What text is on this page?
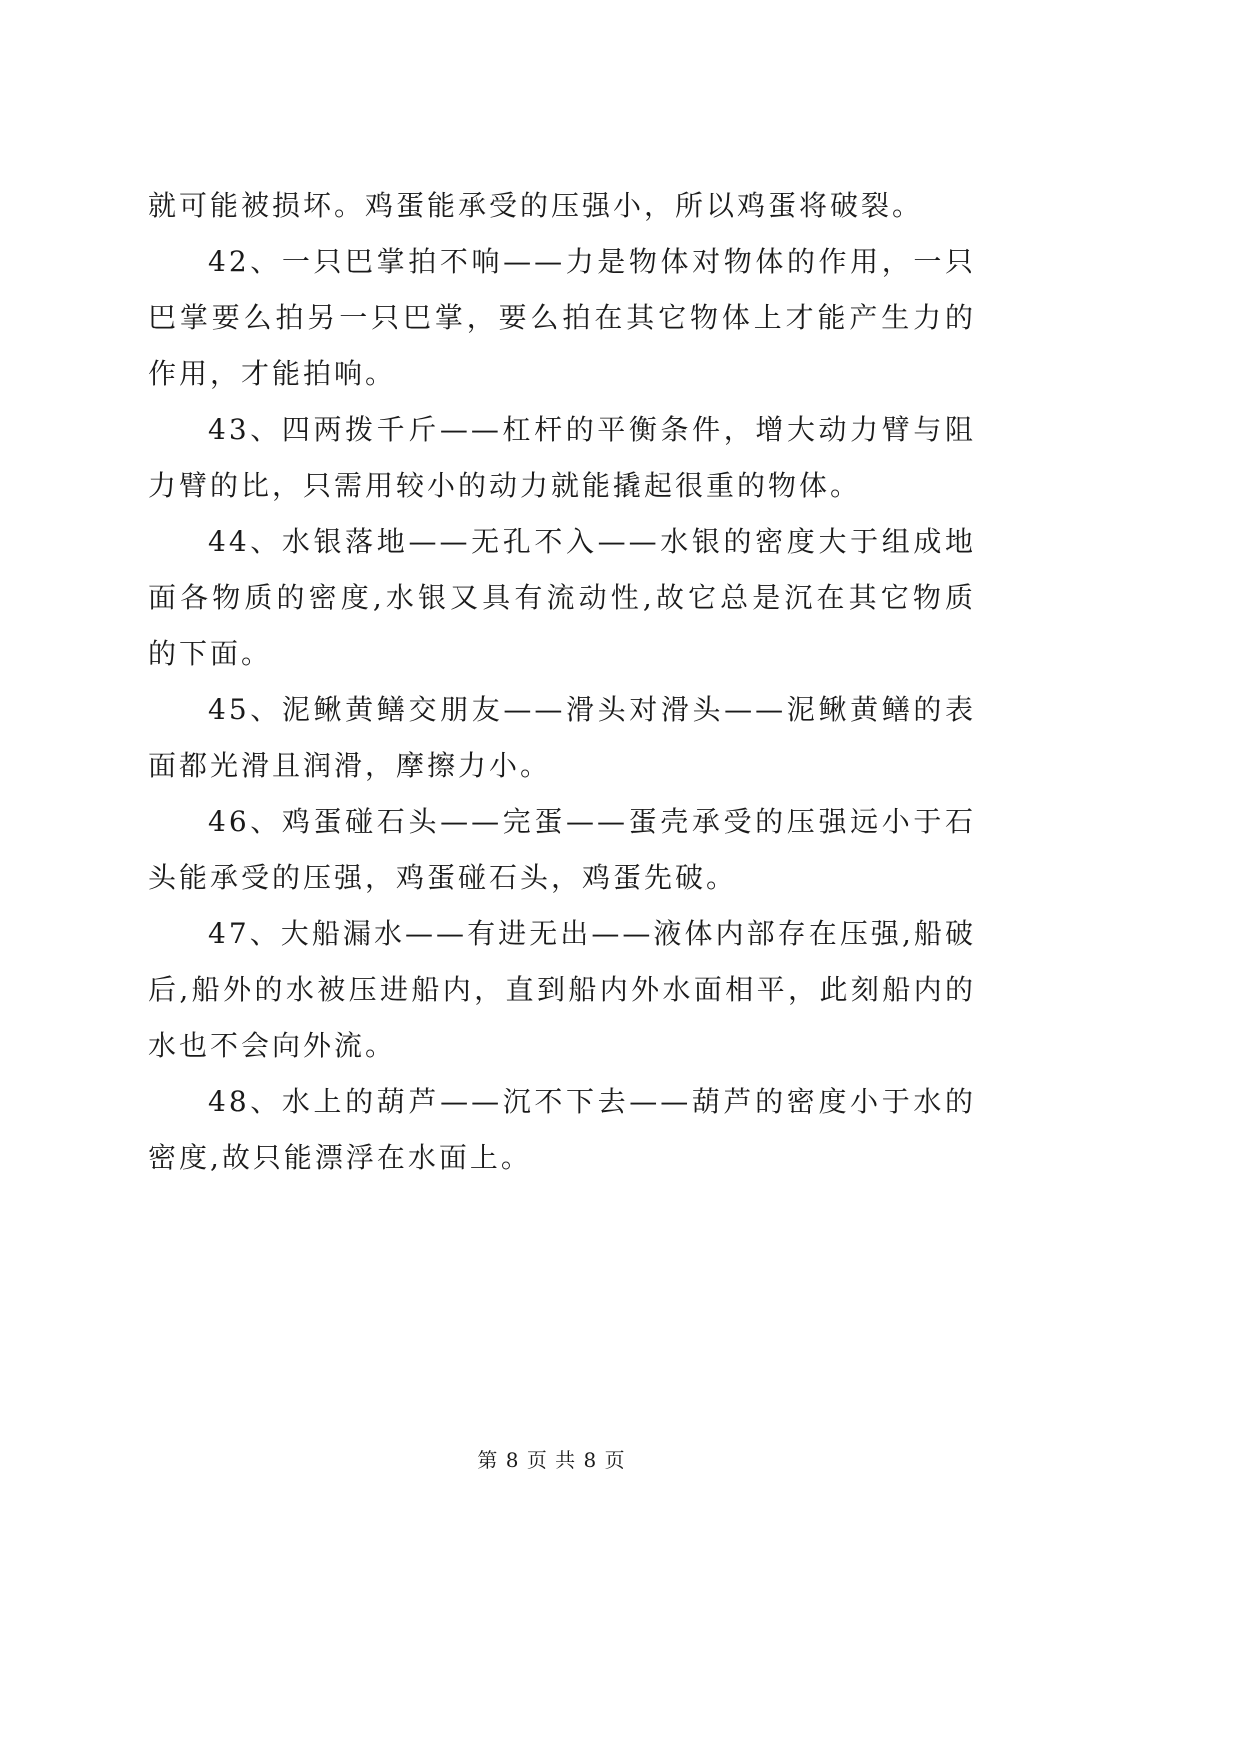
就可能被损坏。鸡蛋能承受的压强小，所以鸡蛋将破裂。

42、一只巴掌拍不响——力是物体对物体的作用，一只巴掌要么拍另一只巴掌，要么拍在其它物体上才能产生力的作用，才能拍响。

43、四两拨千斤——杠杆的平衡条件，增大动力臂与阻力臂的比，只需用较小的动力就能撬起很重的物体。

44、水银落地——无孔不入——水银的密度大于组成地面各物质的密度,水银又具有流动性,故它总是沉在其它物质的下面。

45、泥鳅黄鳝交朋友——滑头对滑头——泥鳅黄鳝的表面都光滑且润滑，摩擦力小。

46、鸡蛋碰石头——完蛋——蛋壳承受的压强远小于石头能承受的压强，鸡蛋碰石头，鸡蛋先破。

47、大船漏水——有进无出——液体内部存在压强,船破后,船外的水被压进船内，直到船内外水面相平，此刻船内的水也不会向外流。

48、水上的葫芦——沉不下去——葫芦的密度小于水的密度,故只能漂浮在水面上。

第 8 页 共 8 页
